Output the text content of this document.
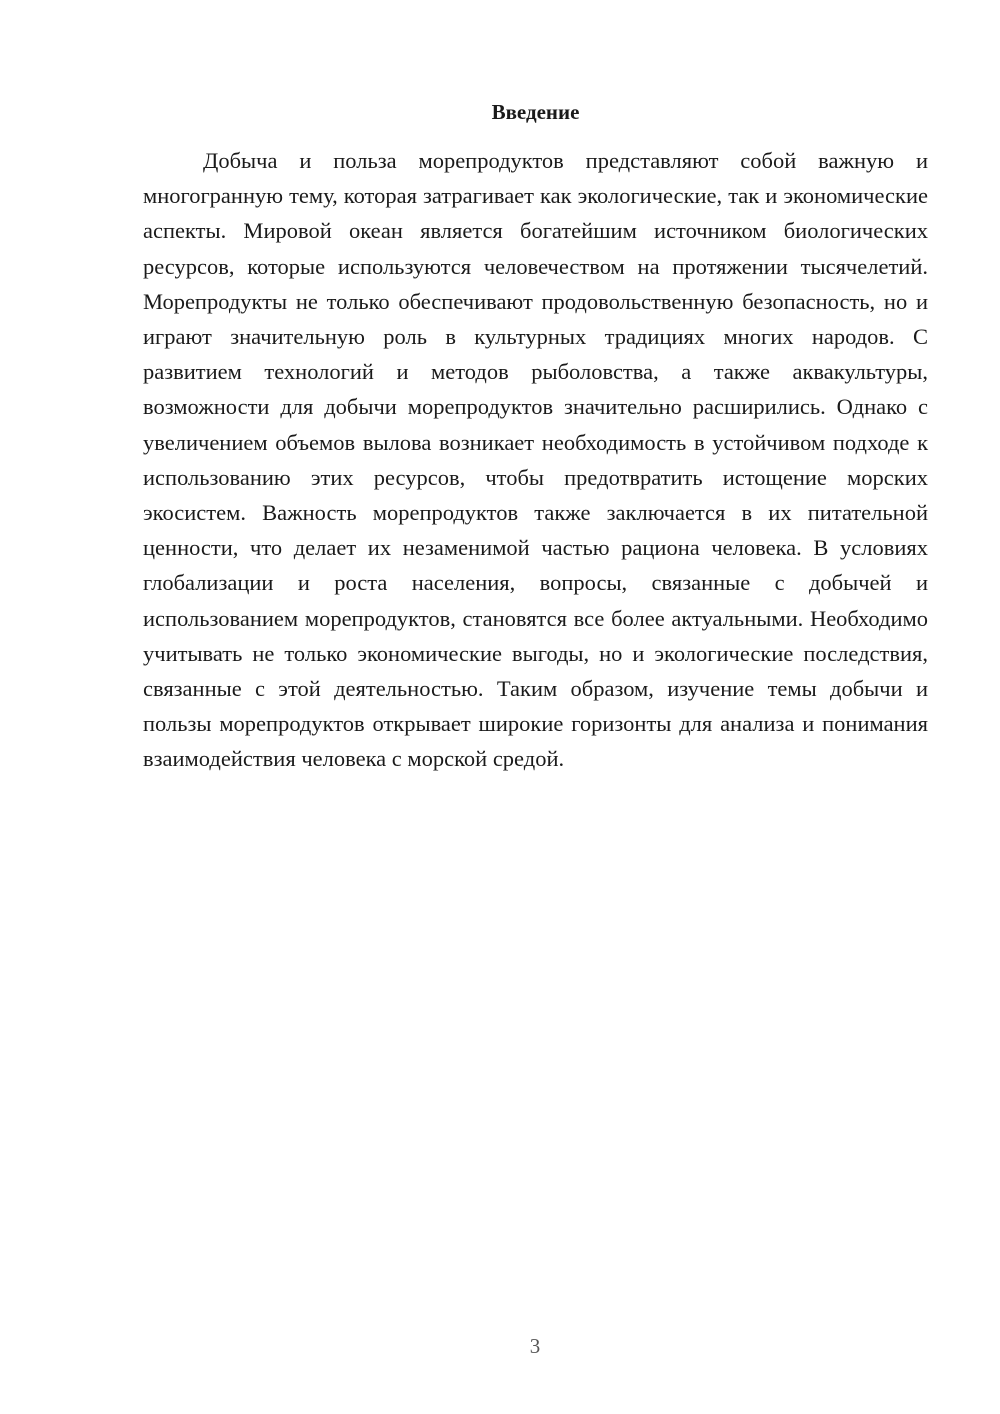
Введение

Добыча и польза морепродуктов представляют собой важную и многогранную тему, которая затрагивает как экологические, так и экономические аспекты. Мировой океан является богатейшим источником биологических ресурсов, которые используются человечеством на протяжении тысячелетий. Морепродукты не только обеспечивают продовольственную безопасность, но и играют значительную роль в культурных традициях многих народов. С развитием технологий и методов рыболовства, а также аквакультуры, возможности для добычи морепродуктов значительно расширились. Однако с увеличением объемов вылова возникает необходимость в устойчивом подходе к использованию этих ресурсов, чтобы предотвратить истощение морских экосистем. Важность морепродуктов также заключается в их питательной ценности, что делает их незаменимой частью рациона человека. В условиях глобализации и роста населения, вопросы, связанные с добычей и использованием морепродуктов, становятся все более актуальными. Необходимо учитывать не только экономические выгоды, но и экологические последствия, связанные с этой деятельностью. Таким образом, изучение темы добычи и пользы морепродуктов открывает широкие горизонты для анализа и понимания взаимодействия человека с морской средой.

3
